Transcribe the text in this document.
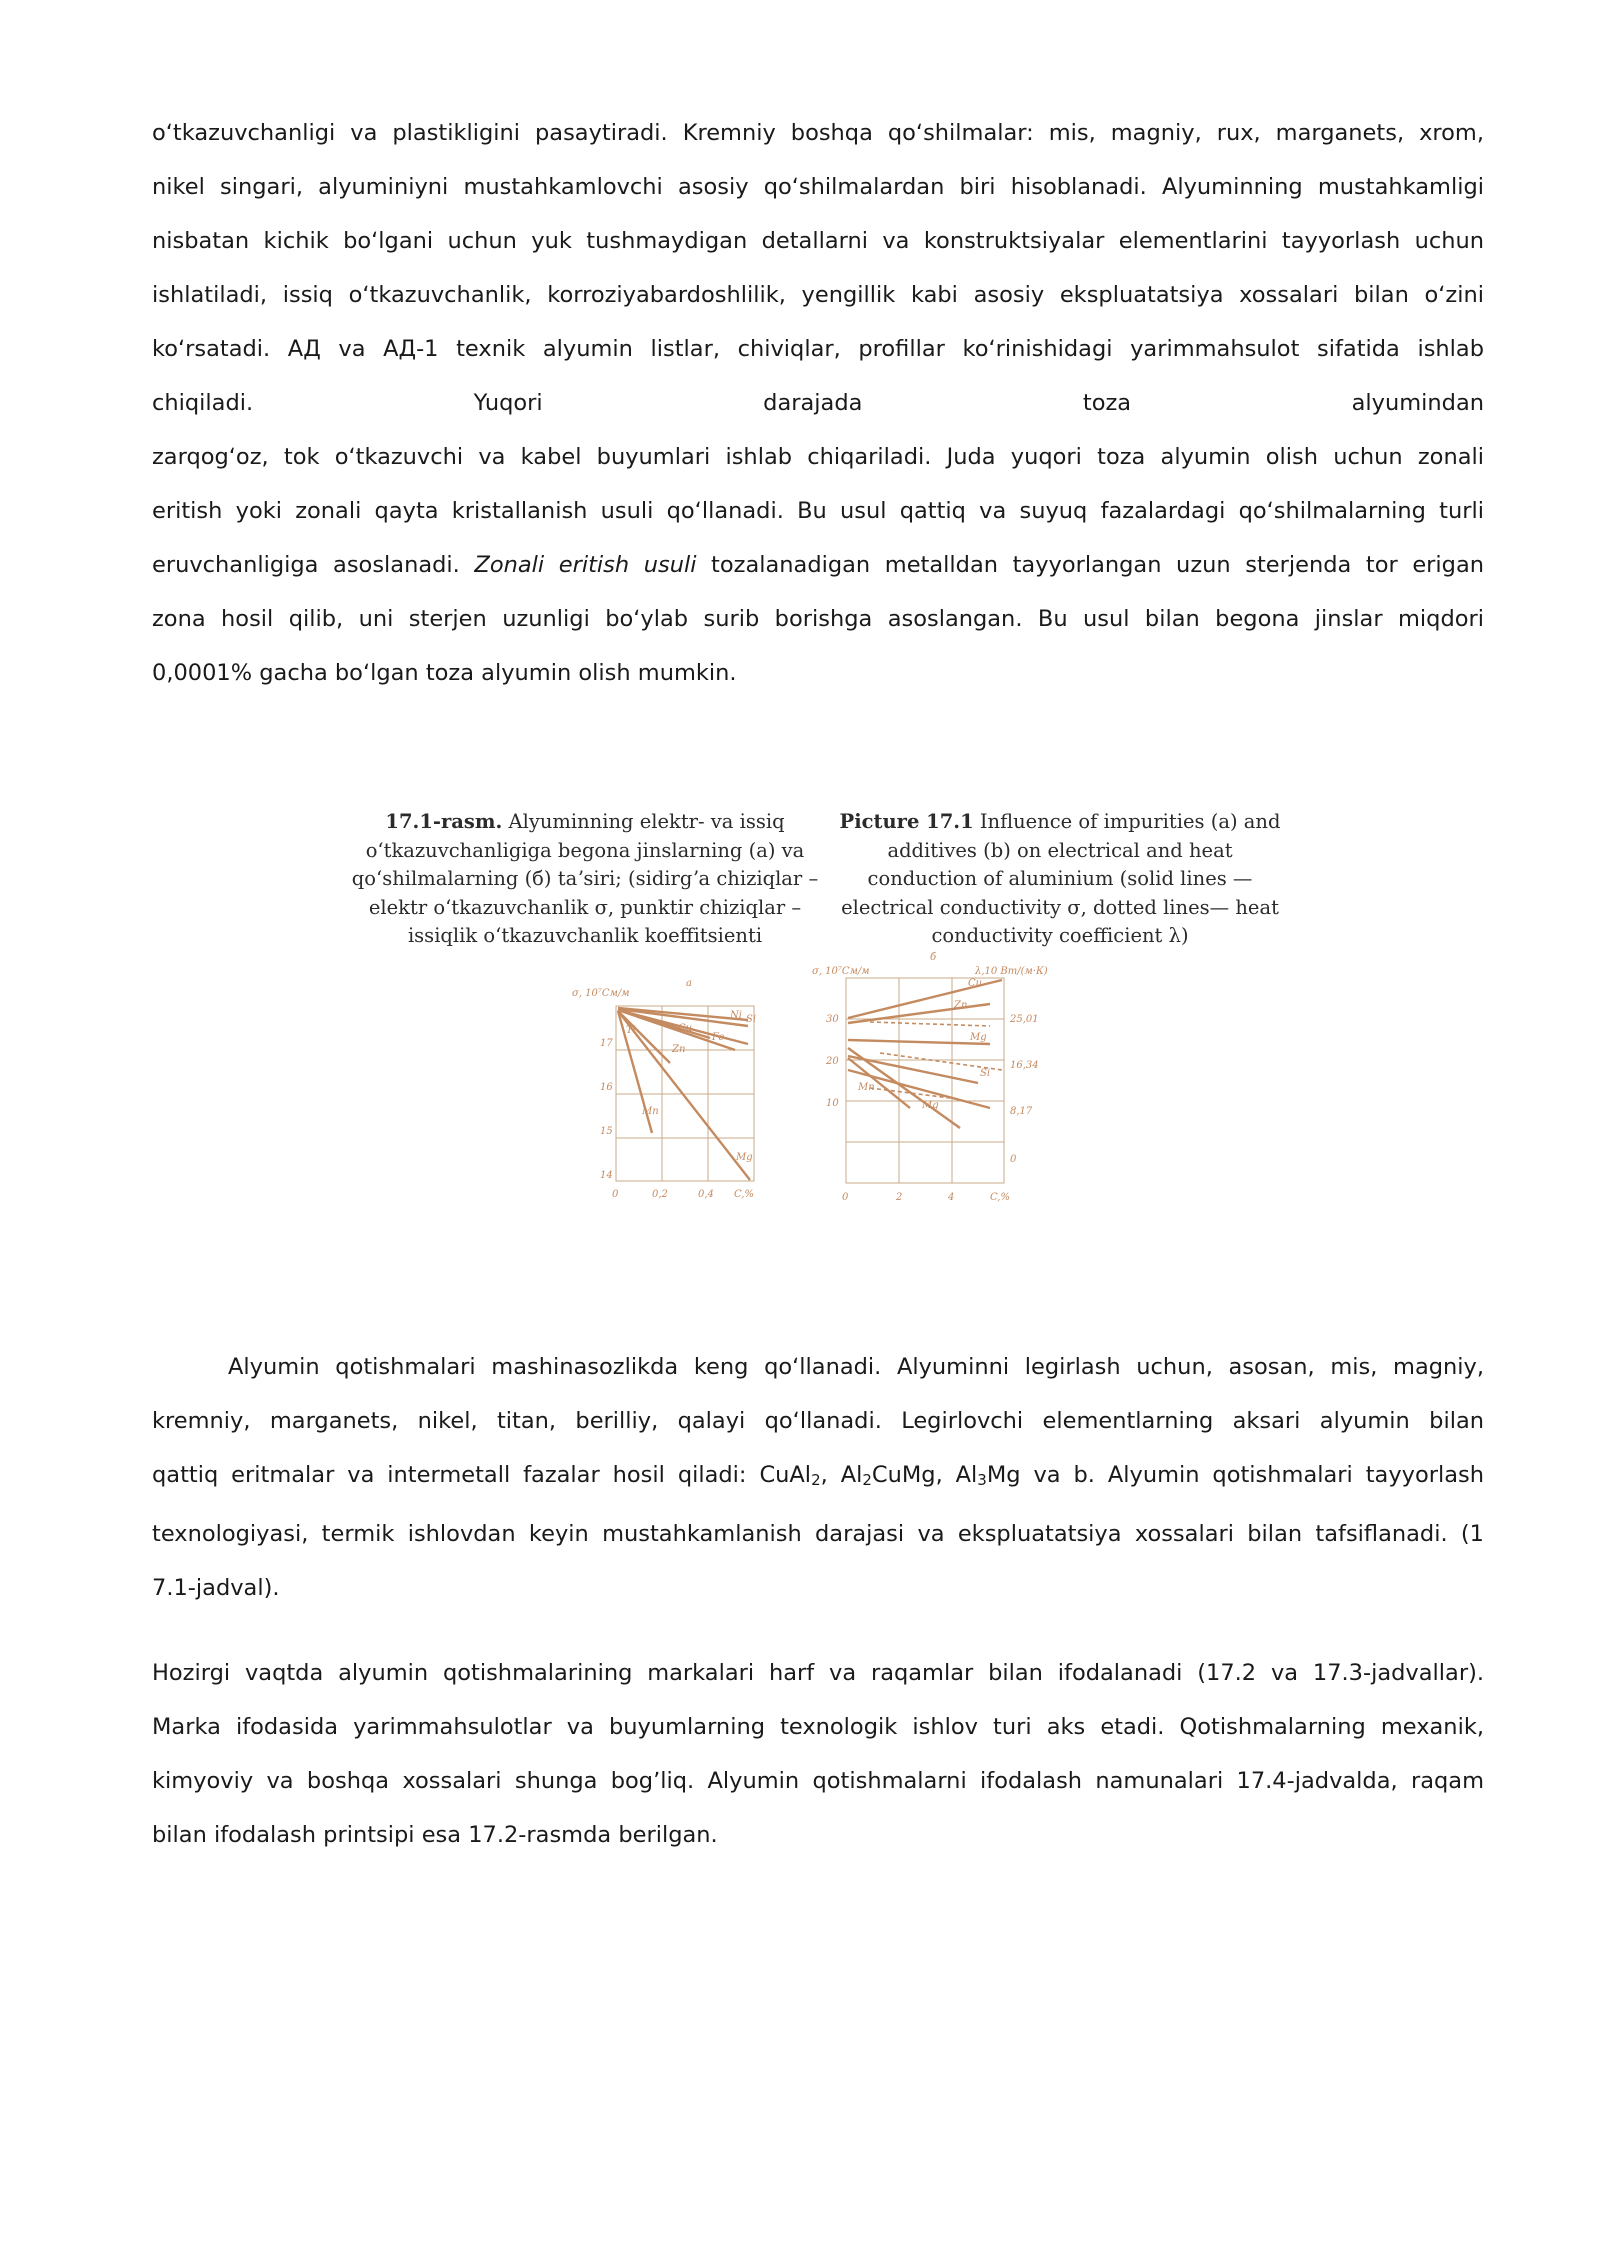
oʻtkazuvchanligi va plastikligini pasaytiradi. Kremniy boshqa qoʻshilmalar: mis, magniy, rux, marganets, xrom,
nikel singari, alyuminiyni mustahkamlovchi asosiy qoʻshilmalardan biri hisoblanadi. Alyuminning mustahkamligi
nisbatan kichik boʻlgani uchun yuk tushmaydigan detallarni va konstruktsiyalar elementlarini tayyorlash uchun
ishlatiladi, issiq oʻtkazuvchanlik, korroziyabardoshlilik, yengillik kabi asosiy ekspluatatsiya xossalari bilan oʻzini
koʻrsatadi. АД va АД-1 texnik alyumin listlar, chiviqlar, profillar koʻrinishidagi yarimmahsulot sifatida ishlab
chiqiladi. Yuqori darajada toza alyumindan
zarqogʻoz, tok oʻtkazuvchi va kabel buyumlari ishlab chiqariladi. Juda yuqori toza alyumin olish uchun zonali
eritish yoki zonali qayta kristallanish usuli qoʻllanadi. Bu usul qattiq va suyuq fazalardagi qoʻshilmalarning turli
eruvchanligiga asoslanadi. Zonali eritish usuli tozalanadigan metalldan tayyorlangan uzun sterjenda tor erigan
zona hosil qilib, uni sterjen uzunligi boʻylab surib borishga asoslangan. Bu usul bilan begona jinslar miqdori
0,0001% gacha boʻlgan toza alyumin olish mumkin.
17.1-rasm. Alyuminning elektr- va issiq oʻtkazuvchanligiga begona jinslarning (a) va qoʻshilmalarning (б) taʼsiri; (sidirgʼa chiziqlar – elektr oʻtkazuvchanlik σ, punktir chiziqlar – issiqlik oʻtkazuvchanlik koeffitsienti
Picture 17.1 Influence of impurities (a) and additives (b) on electrical and heat conduction of aluminium (solid lines — electrical conductivity σ, dotted lines— heat conductivity coefficient λ)
а
σ, 10⁷См/м
17
16
15
14
0	0,2	0,4 C,%
Ni Si
Cu
Fe
Zn
Ti
Mn
Mg
б
σ, 10⁷См/м	λ,10 Вт/(м·К)
30
20
10
25,01
16,34
8,17
0
0	2	4	C,%
Cu
Zn
Mg
Si
Mn
Mg
Alyumin qotishmalari mashinasozlikda keng qoʻllanadi. Alyuminni legirlash uchun, asosan, mis, magniy,
kremniy, marganets, nikel, titan, berilliy, qalayi qoʻllanadi. Legirlovchi elementlarning aksari alyumin bilan
qattiq eritmalar va intermetall fazalar hosil qiladi: CuAl$_2$, $Al_2CuMg$, $Al_3Mg$ va b. Alyumin qotishmalari tayyorlash
texnologiyasi, termik ishlovdan keyin mustahkamlanish darajasi va ekspluatatsiya xossalari bilan tafsiflanadi. (1
7.1-jadval).
Hozirgi vaqtda alyumin qotishmalarining markalari harf va raqamlar bilan ifodalanadi (17.2 va 17.3-jadvallar).
Marka ifodasida yarimmahsulotlar va buyumlarning texnologik ishlov turi aks etadi. Qotishmalarning mexanik,
kimyoviy va boshqa xossalari shunga bogʼliq. Alyumin qotishmalarni ifodalash namunalari 17.4-jadvalda, raqam
bilan ifodalash printsipi esa 17.2-rasmda berilgan.
